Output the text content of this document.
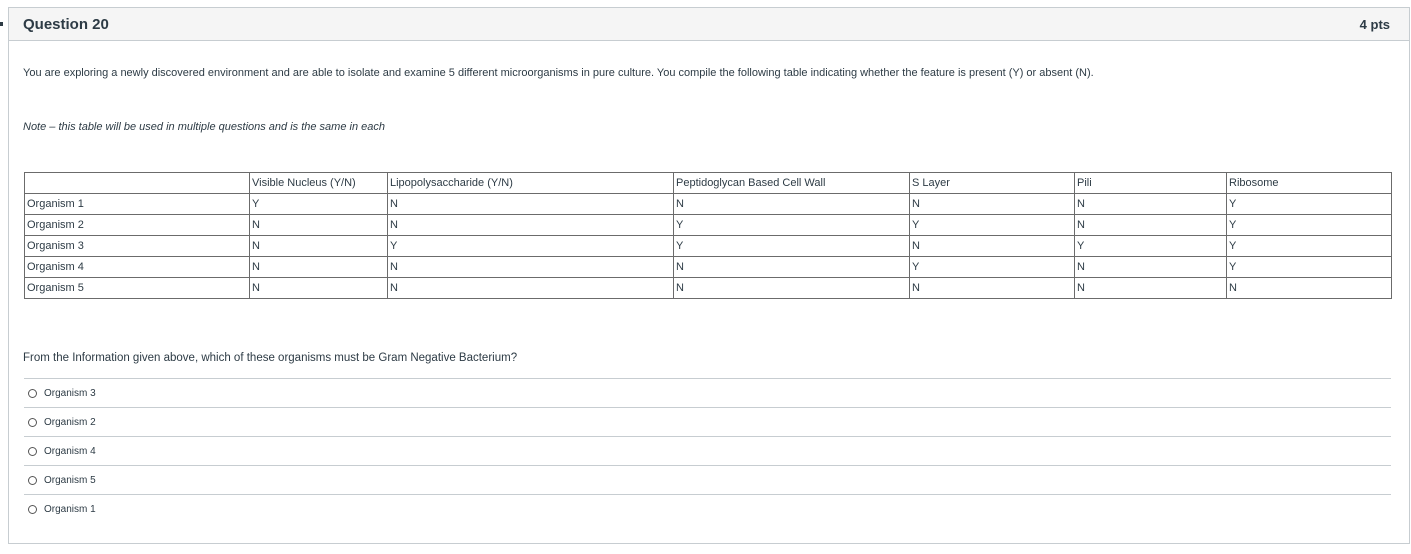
Question 20	4 pts
You are exploring a newly discovered environment and are able to isolate and examine 5 different microorganisms in pure culture. You compile the following table indicating whether the feature is present (Y) or absent (N).
Note – this table will be used in multiple questions and is the same in each
	Visible Nucleus (Y/N)	Lipopolysaccharide (Y/N)	Peptidoglycan Based Cell Wall	S Layer	Pili	Ribosome
Organism 1	Y	N	N	N	N	Y
Organism 2	N	N	Y	Y	N	Y
Organism 3	N	Y	Y	N	Y	Y
Organism 4	N	N	N	Y	N	Y
Organism 5	N	N	N	N	N	N
From the Information given above, which of these organisms must be Gram Negative Bacterium?
Organism 3
Organism 2
Organism 4
Organism 5
Organism 1
